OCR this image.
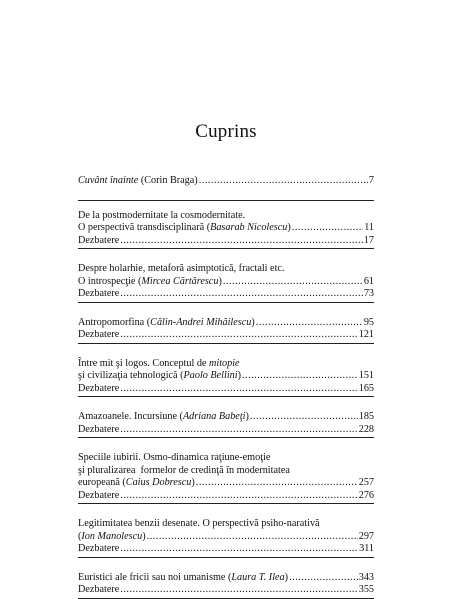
Cuprins
Cuvânt înainte (Corin Braga) .....	7
De la postmodernitate la cosmodernitate.
O perspectivă transdisciplinară (Basarab Nicolescu) .....	11
Dezbatere .....	17
Despre holarhie, metaforă asimptotică, fractali etc.
O introspecţie (Mircea Cărtărescu) .....	61
Dezbatere .....	73
Antropomorfina (Călin-Andrei Mihăilescu) .....	95
Dezbatere .....	121
Între mit şi logos. Conceptul de mitopie
şi civilizaţia tehnologică (Paolo Bellini) .....	151
Dezbatere .....	165
Amazoanele. Incursiune (Adriana Babeţi) .....	185
Dezbatere .....	228
Speciile iubirii. Osmo-dinamica raţiune-emoţie
şi pluralizarea  formelor de credinţă în modernitatea
europeană (Caius Dobrescu) .....	257
Dezbatere .....	276
Legitimitatea benzii desenate. O perspectivă psiho-narativă
(Ion Manolescu) .....	297
Dezbatere .....	311
Euristici ale fricii sau noi umanisme (Laura T. Ilea) .....	343
Dezbatere .....	355
